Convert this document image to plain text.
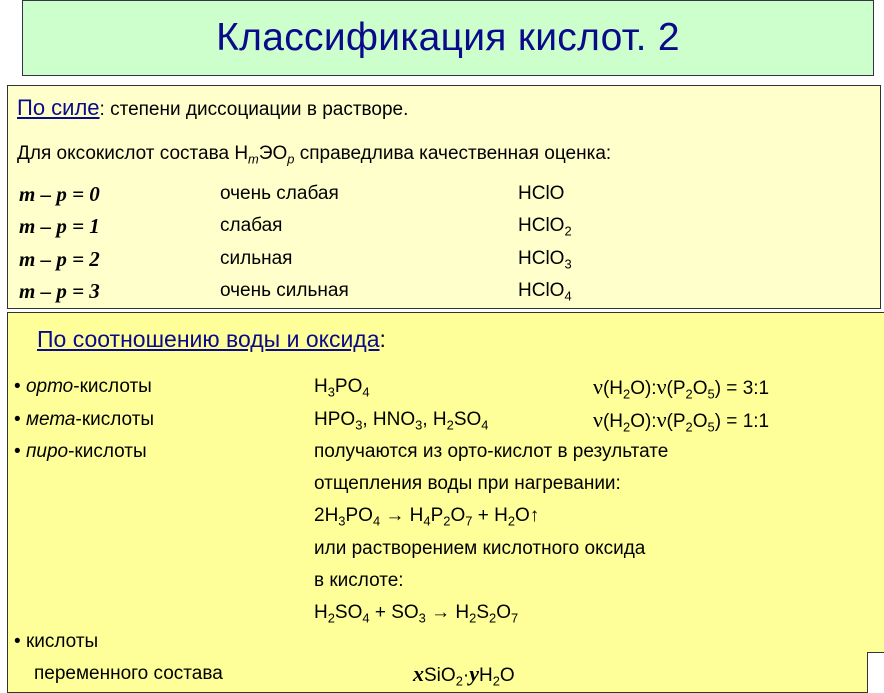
Классификация кислот. 2
По силе: степени диссоциации в растворе.
Для оксокислот состава $H_mЭО_p$ справедлива качественная оценка:
m – p = 0	очень слабая	HClO
m – p = 1	слабая	HClO$_2$
m – p = 2	сильная	HClO$_3$
m – p = 3	очень сильная	HClO$_4$
По соотношению воды и оксида:
• орто-кислоты	$H_3PO_4$	$\nu(H_2O):\nu(P_2O_5)$ = 3:1
• мета-кислоты	$HPO_3$, $HNO_3$, $H_2SO_4$	$\nu(H_2O):\nu(P_2O_5)$ = 1:1
• пиро-кислоты	получаются из орто-кислот в результате
отщепления воды при нагревании:
$2H_3PO_4 \to H_4P_2O_7$ + $H_2O↑$
или растворением кислотного оксида
в кислоте:
$H_2SO_4 + SO_3 \to H_2S_2O_7$
• кислоты
переменного состава	$xSiO_2\cdot yH_2O$
